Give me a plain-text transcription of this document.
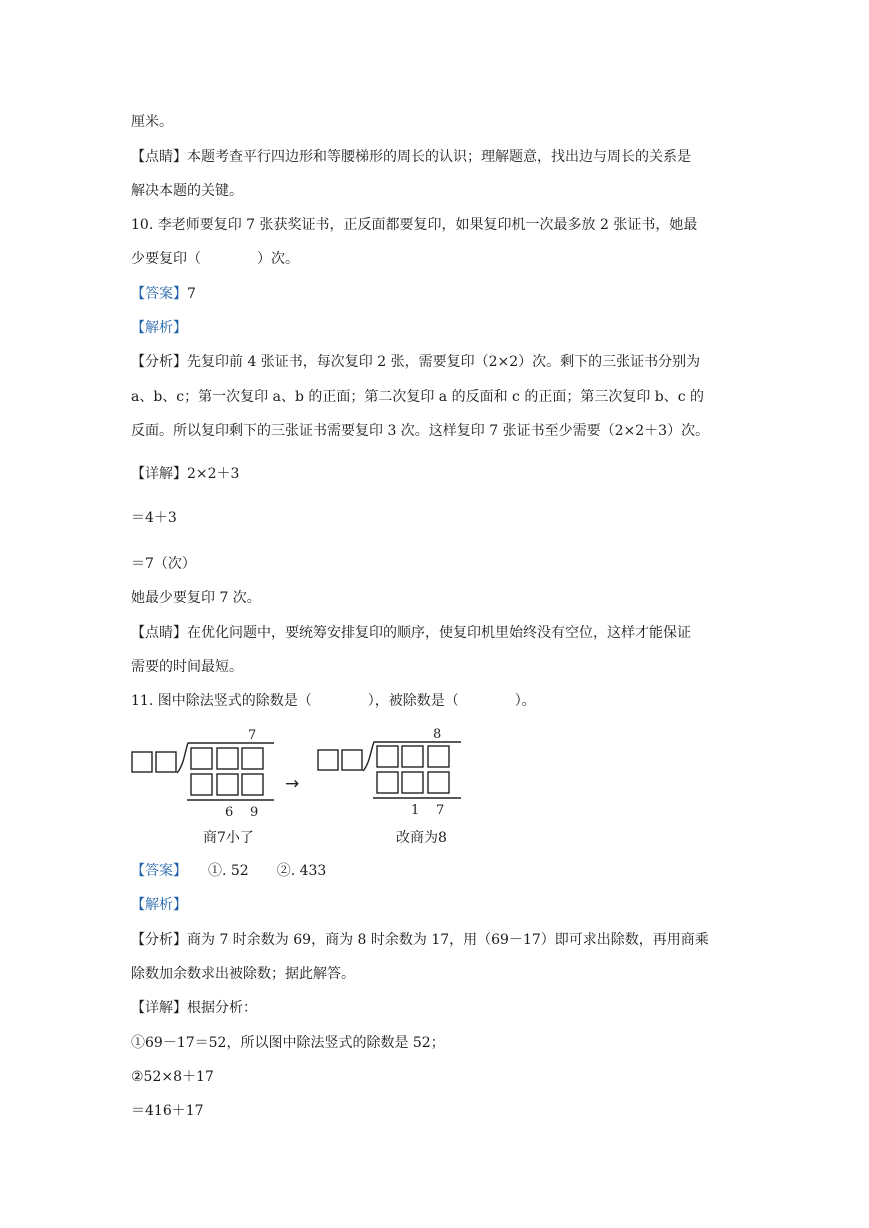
厘米。
【点睛】本题考查平行四边形和等腰梯形的周长的认识；理解题意，找出边与周长的关系是
解决本题的关键。
10. 李老师要复印 7 张获奖证书，正反面都要复印，如果复印机一次最多放 2 张证书，她最
少要复印（　　　　）次。
【答案】7
【解析】
【分析】先复印前 4 张证书，每次复印 2 张，需要复印（2×2）次。剩下的三张证书分别为
a、b、c；第一次复印 a、b 的正面；第二次复印 a 的反面和 c 的正面；第三次复印 b、c 的
反面。所以复印剩下的三张证书需要复印 3 次。这样复印 7 张证书至少需要（2×2＋3）次。
【详解】2×2＋3
＝4＋3
＝7（次）
她最少要复印 7 次。
【点睛】在优化问题中，要统筹安排复印的顺序，使复印机里始终没有空位，这样才能保证
需要的时间最短。
11. 图中除法竖式的除数是（　　　　），被除数是（　　　　）。
7
6 9
8
1 7
→
商7小了	改商为8
【答案】　　①. 52　　②. 433
【解析】
【分析】商为 7 时余数为 69，商为 8 时余数为 17，用（69－17）即可求出除数，再用商乘
除数加余数求出被除数；据此解答。
【详解】根据分析：
①69－17＝52，所以图中除法竖式的除数是 52；
②52×8＋17
＝416＋17
